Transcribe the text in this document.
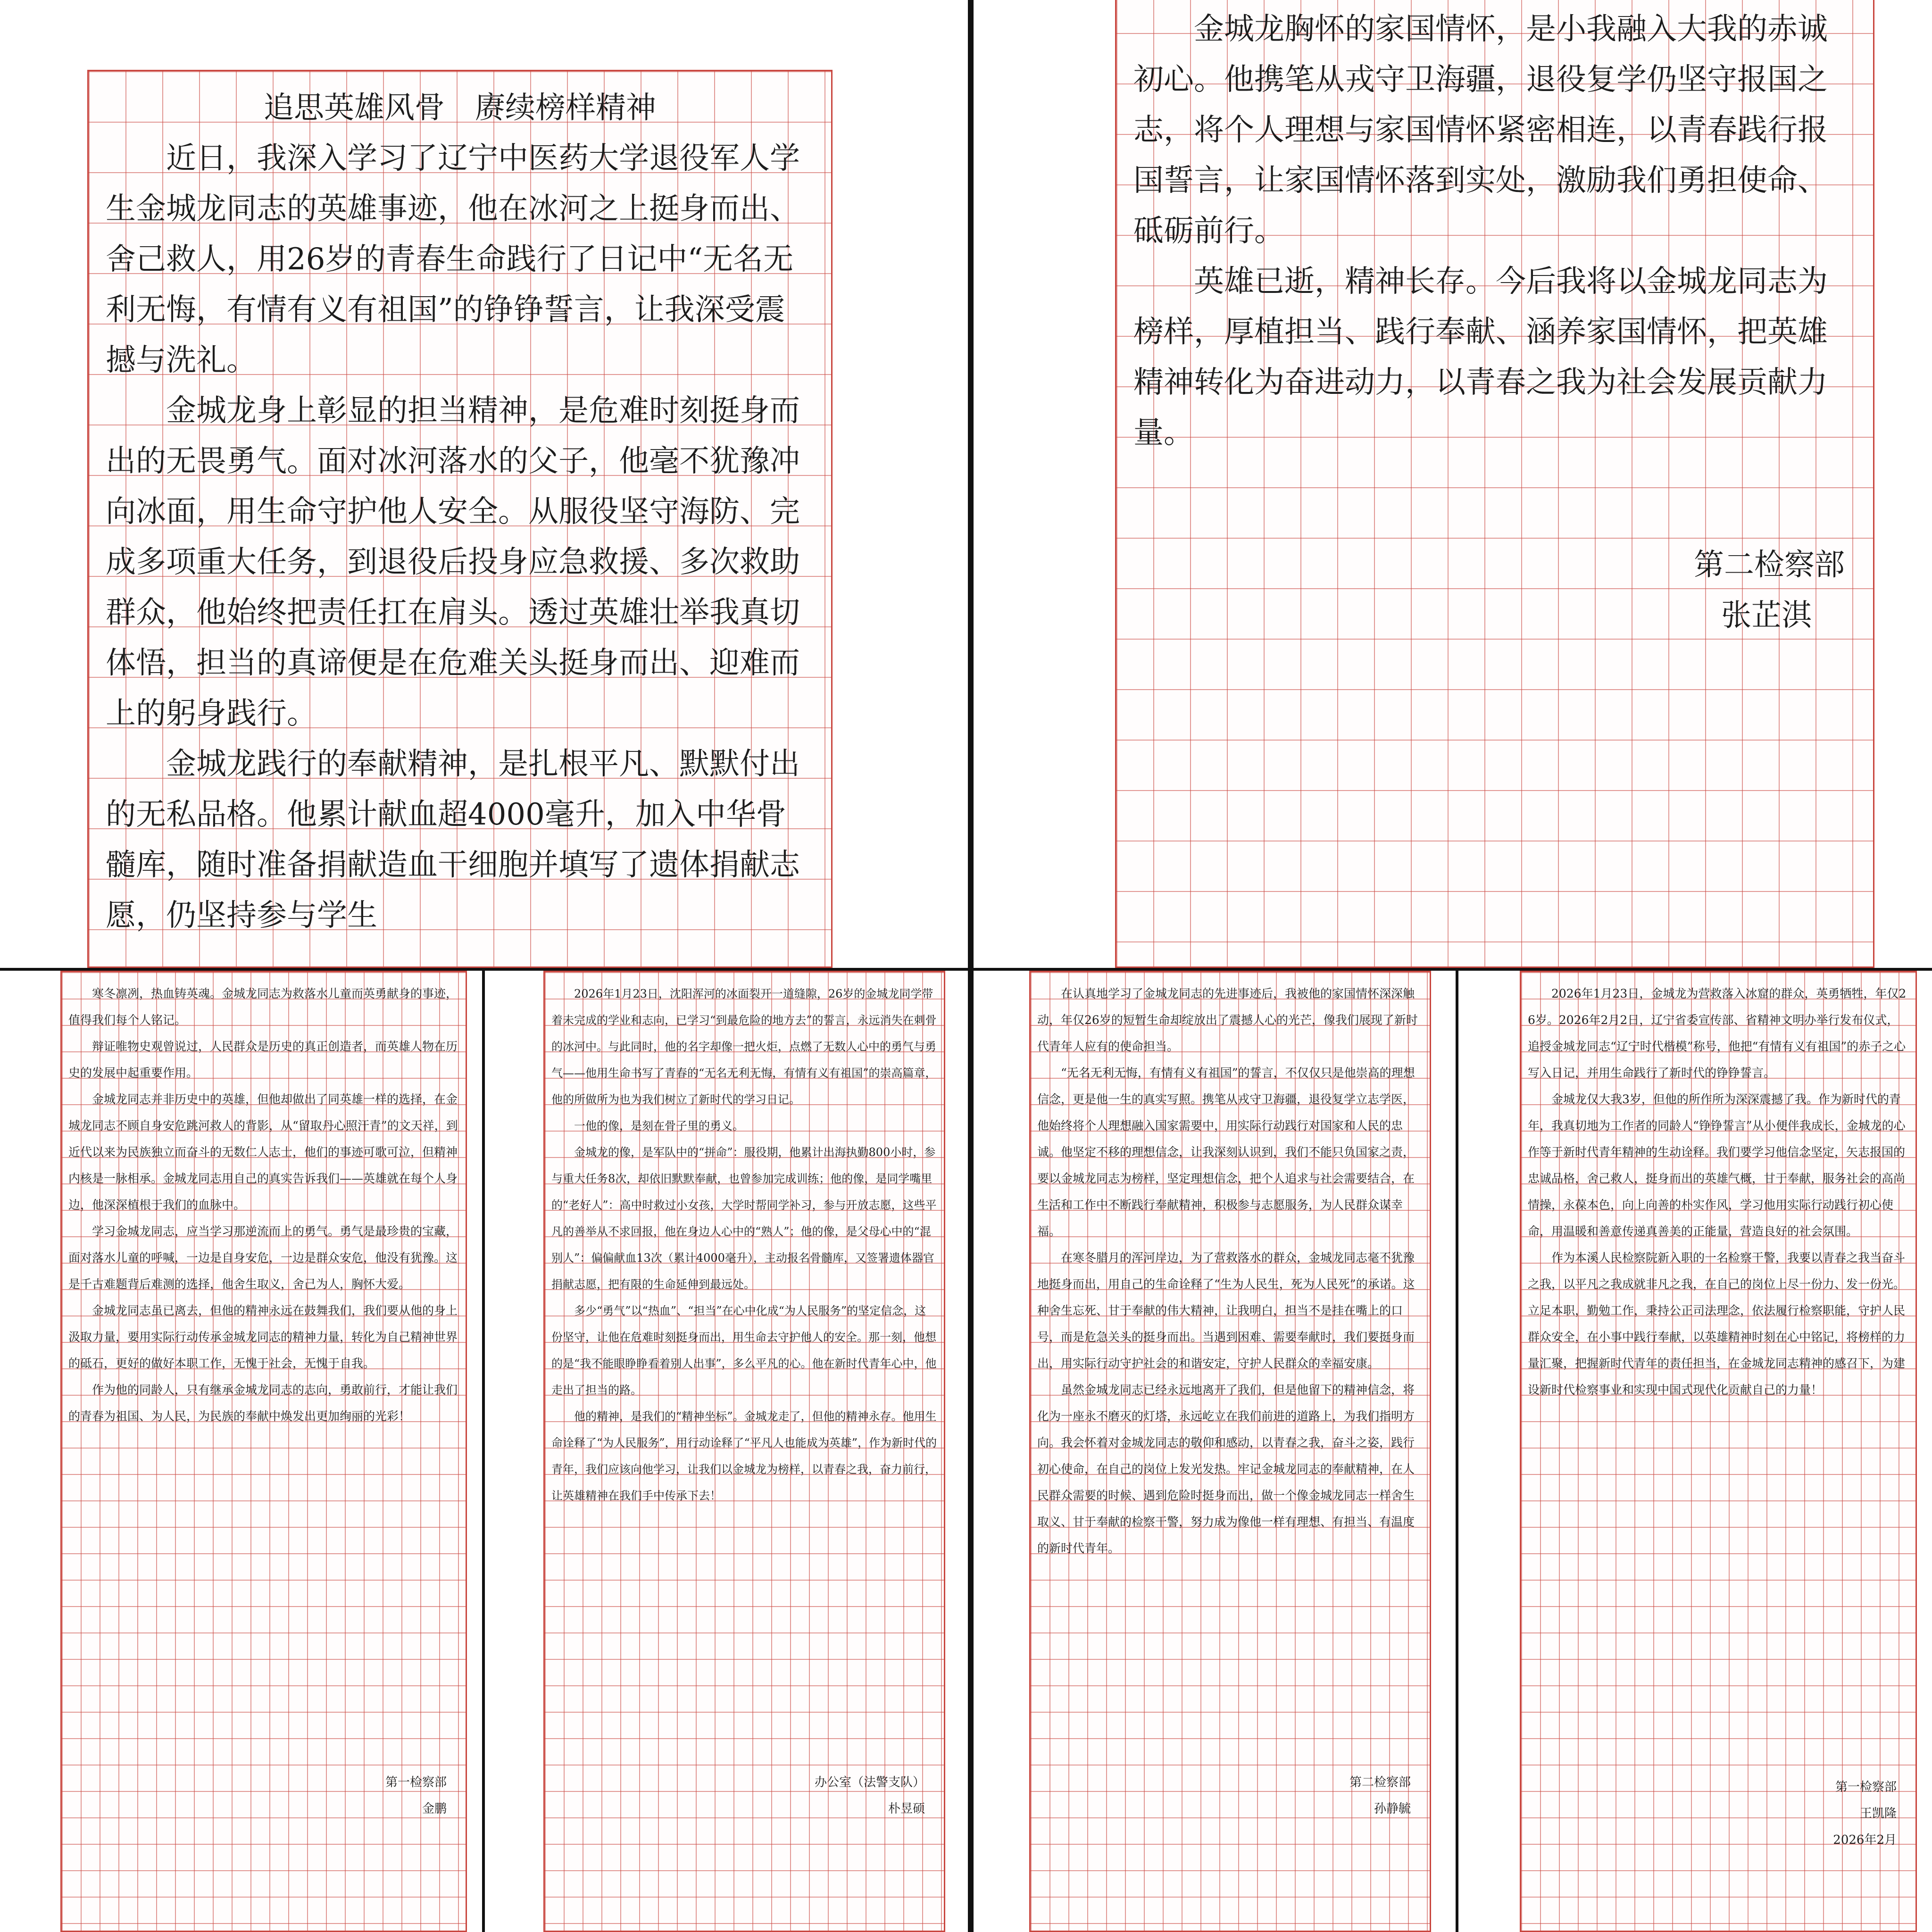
追思英雄风骨　赓续榜样精神

近日，我深入学习了辽宁中医药大学退役军人学生金城龙同志的英雄事迹，他在冰河之上挺身而出、舍己救人，用26岁的青春生命践行了日记中“无名无利无悔，有情有义有祖国”的铮铮誓言，让我深受震撼与洗礼。

金城龙身上彰显的担当精神，是危难时刻挺身而出的无畏勇气。面对冰河落水的父子，他毫不犹豫冲向冰面，用生命守护他人安全。从服役坚守海防、完成多项重大任务，到退役后投身应急救援、多次救助群众，他始终把责任扛在肩头。透过英雄壮举我真切体悟，担当的真谛便是在危难关头挺身而出、迎难而上的躬身践行。

金城龙践行的奉献精神，是扎根平凡、默默付出的无私品格。他累计献血超4000毫升，加入中华骨髓库，随时准备捐献造血干细胞并填写了遗体捐献志愿，仍坚持参与学生

金城龙胸怀的家国情怀，是小我融入大我的赤诚初心。他携笔从戎守卫海疆，退役复学仍坚守报国之志，将个人理想与家国情怀紧密相连，以青春践行报国誓言，让家国情怀落到实处，激励我们勇担使命、砥砺前行。

英雄已逝，精神长存。今后我将以金城龙同志为榜样，厚植担当、践行奉献、涵养家国情怀，把英雄精神转化为奋进动力，以青春之我为社会发展贡献力量。

第二检察部
张芷淇

寒冬凛冽，热血铸英魂。金城龙同志为救落水儿童而英勇献身的事迹，值得我们每个人铭记。

辩证唯物史观曾说过，人民群众是历史的真正创造者，而英雄人物在历史的发展中起重要作用。

金城龙同志并非历史中的英雄，但他却做出了同英雄一样的选择，在金城龙同志不顾自身安危跳河救人的背影，从“留取丹心照汗青”的文天祥，到近代以来为民族独立而奋斗的无数仁人志士，他们的事迹可歌可泣，但精神内核是一脉相承。金城龙同志用自己的真实告诉我们——英雄就在每个人身边，他深深植根于我们的血脉中。

学习金城龙同志，应当学习那逆流而上的勇气。勇气是最珍贵的宝藏，面对落水儿童的呼喊，一边是自身安危，一边是群众安危，他没有犹豫。这是千古难题背后难测的选择，他舍生取义，舍己为人，胸怀大爱。

金城龙同志虽已离去，但他的精神永远在鼓舞我们，我们要从他的身上汲取力量，要用实际行动传承金城龙同志的精神力量，转化为自己精神世界的砥石，更好的做好本职工作，无愧于社会，无愧于自我。

作为他的同龄人，只有继承金城龙同志的志向，勇敢前行，才能让我们的青春为祖国、为人民，为民族的奉献中焕发出更加绚丽的光彩！

第一检察部
金鹏

2026年1月23日，沈阳浑河的冰面裂开一道缝隙，26岁的金城龙同学带着未完成的学业和志向，已学习“到最危险的地方去”的誓言，永远消失在刺骨的冰河中。与此同时，他的名字却像一把火炬，点燃了无数人心中的勇气与勇气——他用生命书写了青春的“无名无利无悔，有情有义有祖国”的崇高篇章，他的所做所为也为我们树立了新时代的学习日记。

一他的像，是刻在骨子里的勇义。

金城龙的像，是军队中的“拼命”：服役期，他累计出海执勤800小时，参与重大任务8次，却依旧默默奉献，也曾参加完成训练；他的像，是同学嘴里的“老好人”：高中时救过小女孩，大学时帮同学补习，参与开放志愿，这些平凡的善举从不求回报，他在身边人心中的“熟人”；他的像，是父母心中的“混别人”：偏偏献血13次（累计4000毫升），主动报名骨髓库，又签署遗体器官捐献志愿，把有限的生命延伸到最远处。

多少“勇气”以“热血”、“担当”在心中化成“为人民服务”的坚定信念，这份坚守，让他在危难时刻挺身而出，用生命去守护他人的安全。那一刻，他想的是“我不能眼睁睁看着别人出事”，多么平凡的心。他在新时代青年心中，他走出了担当的路。

他的精神，是我们的“精神坐标”。金城龙走了，但他的精神永存。他用生命诠释了“为人民服务”，用行动诠释了“平凡人也能成为英雄”，作为新时代的青年，我们应该向他学习，让我们以金城龙为榜样，以青春之我，奋力前行，让英雄精神在我们手中传承下去！

办公室（法警支队）
朴昱硕

在认真地学习了金城龙同志的先进事迹后，我被他的家国情怀深深触动，年仅26岁的短暂生命却绽放出了震撼人心的光芒，像我们展现了新时代青年人应有的使命担当。

“无名无利无悔，有情有义有祖国”的誓言，不仅仅只是他崇高的理想信念，更是他一生的真实写照。携笔从戎守卫海疆，退役复学立志学医，他始终将个人理想融入国家需要中，用实际行动践行对国家和人民的忠诚。他坚定不移的理想信念，让我深刻认识到，我们不能只负国家之责，要以金城龙同志为榜样，坚定理想信念，把个人追求与社会需要结合，在生活和工作中不断践行奉献精神，积极参与志愿服务，为人民群众谋幸福。

在寒冬腊月的浑河岸边，为了营救落水的群众，金城龙同志毫不犹豫地挺身而出，用自己的生命诠释了“生为人民生，死为人民死”的承诺。这种舍生忘死、甘于奉献的伟大精神，让我明白，担当不是挂在嘴上的口号，而是危急关头的挺身而出。当遇到困难、需要奉献时，我们要挺身而出，用实际行动守护社会的和谐安定，守护人民群众的幸福安康。

虽然金城龙同志已经永远地离开了我们，但是他留下的精神信念，将化为一座永不磨灭的灯塔，永远屹立在我们前进的道路上，为我们指明方向。我会怀着对金城龙同志的敬仰和感动，以青春之我，奋斗之姿，践行初心使命，在自己的岗位上发光发热。牢记金城龙同志的奉献精神，在人民群众需要的时候、遇到危险时挺身而出，做一个像金城龙同志一样舍生取义、甘于奉献的检察干警，努力成为像他一样有理想、有担当、有温度的新时代青年。

第二检察部
孙静毓

2026年1月23日，金城龙为营救落入冰窟的群众，英勇牺牲，年仅26岁。2026年2月2日，辽宁省委宣传部、省精神文明办举行发布仪式，追授金城龙同志“辽宁时代楷模”称号，他把“有情有义有祖国”的赤子之心写入日记，并用生命践行了新时代的铮铮誓言。

金城龙仅大我3岁，但他的所作所为深深震撼了我。作为新时代的青年，我真切地为工作者的同龄人“铮铮誓言”从小便伴我成长，金城龙的心作等于新时代青年精神的生动诠释。我们要学习他信念坚定，矢志报国的忠诚品格，舍己救人，挺身而出的英雄气概，甘于奉献，服务社会的高尚情操，永葆本色，向上向善的朴实作风，学习他用实际行动践行初心使命，用温暖和善意传递真善美的正能量，营造良好的社会氛围。

作为本溪人民检察院新入职的一名检察干警，我要以青春之我当奋斗之我，以平凡之我成就非凡之我，在自己的岗位上尽一份力、发一份光。立足本职，勤勉工作，秉持公正司法理念，依法履行检察职能，守护人民群众安全，在小事中践行奉献，以英雄精神时刻在心中铭记，将榜样的力量汇聚，把握新时代青年的责任担当，在金城龙同志精神的感召下，为建设新时代检察事业和实现中国式现代化贡献自己的力量！

第一检察部
王凯隆
2026年2月
